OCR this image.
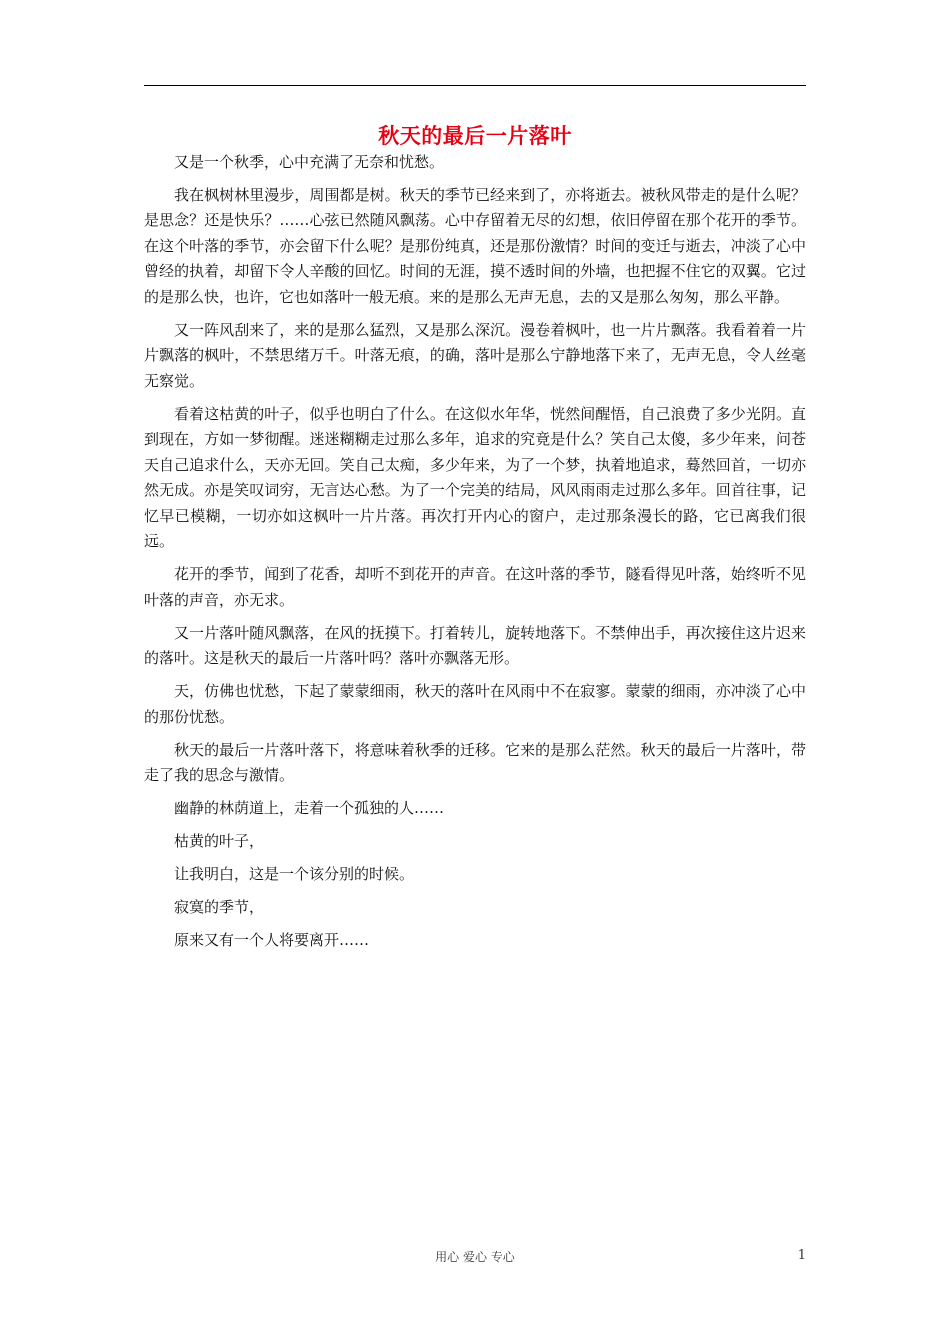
秋天的最后一片落叶

又是一个秋季，心中充满了无奈和忧愁。

我在枫树林里漫步，周围都是树。秋天的季节已经来到了，亦将逝去。被秋风带走的是什么呢？是思念？还是快乐？……心弦已然随风飘荡。心中存留着无尽的幻想，依旧停留在那个花开的季节。在这个叶落的季节，亦会留下什么呢？是那份纯真，还是那份激情？时间的变迁与逝去，冲淡了心中曾经的执着，却留下令人辛酸的回忆。时间的无涯，摸不透时间的外墙，也把握不住它的双翼。它过的是那么快，也许，它也如落叶一般无痕。来的是那么无声无息，去的又是那么匆匆，那么平静。

又一阵风刮来了，来的是那么猛烈，又是那么深沉。漫卷着枫叶，也一片片飘落。我看着着一片片飘落的枫叶，不禁思绪万千。叶落无痕，的确，落叶是那么宁静地落下来了，无声无息，令人丝毫无察觉。

看着这枯黄的叶子，似乎也明白了什么。在这似水年华，恍然间醒悟，自己浪费了多少光阴。直到现在，方如一梦彻醒。迷迷糊糊走过那么多年，追求的究竟是什么？笑自己太傻，多少年来，问苍天自己追求什么，天亦无回。笑自己太痴，多少年来，为了一个梦，执着地追求，蓦然回首，一切亦然无成。亦是笑叹词穷，无言达心愁。为了一个完美的结局，风风雨雨走过那么多年。回首往事，记忆早已模糊，一切亦如这枫叶一片片落。再次打开内心的窗户，走过那条漫长的路，它已离我们很远。

花开的季节，闻到了花香，却听不到花开的声音。在这叶落的季节，隧看得见叶落，始终听不见叶落的声音，亦无求。

又一片落叶随风飘落，在风的抚摸下。打着转儿，旋转地落下。不禁伸出手，再次接住这片迟来的落叶。这是秋天的最后一片落叶吗？落叶亦飘落无形。

天，仿佛也忧愁，下起了蒙蒙细雨，秋天的落叶在风雨中不在寂寥。蒙蒙的细雨，亦冲淡了心中的那份忧愁。

秋天的最后一片落叶落下，将意味着秋季的迁移。它来的是那么茫然。秋天的最后一片落叶，带走了我的思念与激情。

幽静的林荫道上，走着一个孤独的人……

枯黄的叶子，

让我明白，这是一个该分别的时候。

寂寞的季节，

原来又有一个人将要离开……

用心 爱心 专心	1
